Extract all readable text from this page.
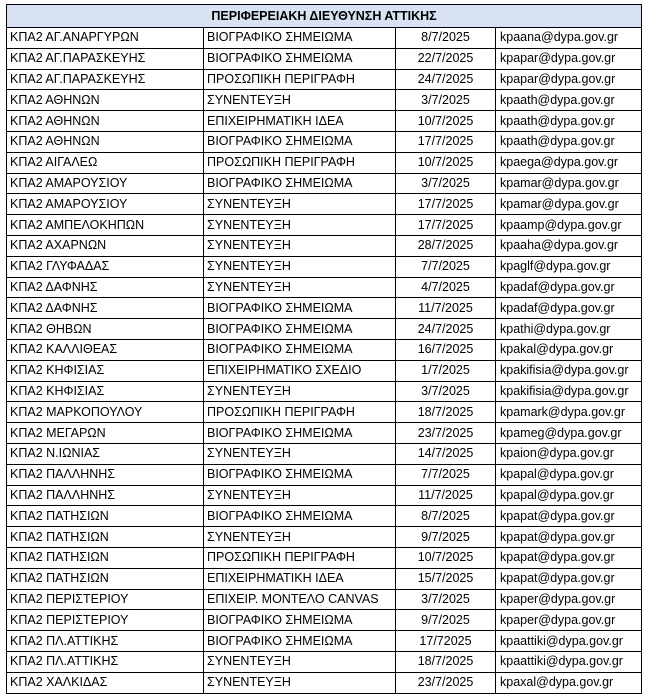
ΠΕΡΙΦΕΡΕΙΑΚΗ ΔΙΕΥΘΥΝΣΗ ΑΤΤΙΚΗΣ			
ΚΠΑ2 ΑΓ.ΑΝΑΡΓΥΡΩΝ	ΒΙΟΓΡΑΦΙΚΟ ΣΗΜΕΙΩΜΑ	8/7/2025	kpaana@dypa.gov.gr
ΚΠΑ2 ΑΓ.ΠΑΡΑΣΚΕΥΗΣ	ΒΙΟΓΡΑΦΙΚΟ ΣΗΜΕΙΩΜΑ	22/7/2025	kpapar@dypa.gov.gr
ΚΠΑ2 ΑΓ.ΠΑΡΑΣΚΕΥΗΣ	ΠΡΟΣΩΠΙΚΗ ΠΕΡΙΓΡΑΦΗ	24/7/2025	kpapar@dypa.gov.gr
ΚΠΑ2 ΑΘΗΝΩΝ	ΣΥΝΕΝΤΕΥΞΗ	3/7/2025	kpaath@dypa.gov.gr
ΚΠΑ2 ΑΘΗΝΩΝ	ΕΠΙΧΕΙΡΗΜΑΤΙΚΗ ΙΔΕΑ	10/7/2025	kpaath@dypa.gov.gr
ΚΠΑ2 ΑΘΗΝΩΝ	ΒΙΟΓΡΑΦΙΚΟ ΣΗΜΕΙΩΜΑ	17/7/2025	kpaath@dypa.gov.gr
ΚΠΑ2 ΑΙΓΑΛΕΩ	ΠΡΟΣΩΠΙΚΗ ΠΕΡΙΓΡΑΦΗ	10/7/2025	kpaega@dypa.gov.gr
ΚΠΑ2 ΑΜΑΡΟΥΣΙΟΥ	ΒΙΟΓΡΑΦΙΚΟ ΣΗΜΕΙΩΜΑ	3/7/2025	kpamar@dypa.gov.gr
ΚΠΑ2 ΑΜΑΡΟΥΣΙΟΥ	ΣΥΝΕΝΤΕΥΞΗ	17/7/2025	kpamar@dypa.gov.gr
ΚΠΑ2 ΑΜΠΕΛΟΚΗΠΩΝ	ΣΥΝΕΝΤΕΥΞΗ	17/7/2025	kpaamp@dypa.gov.gr
ΚΠΑ2 ΑΧΑΡΝΩΝ	ΣΥΝΕΝΤΕΥΞΗ	28/7/2025	kpaaha@dypa.gov.gr
ΚΠΑ2 ΓΛΥΦΑΔΑΣ	ΣΥΝΕΝΤΕΥΞΗ	7/7/2025	kpaglf@dypa.gov.gr
ΚΠΑ2 ΔΑΦΝΗΣ	ΣΥΝΕΝΤΕΥΞΗ	4/7/2025	kpadaf@dypa.gov.gr
ΚΠΑ2 ΔΑΦΝΗΣ	ΒΙΟΓΡΑΦΙΚΟ ΣΗΜΕΙΩΜΑ	11/7/2025	kpadaf@dypa.gov.gr
ΚΠΑ2 ΘΗΒΩΝ	ΒΙΟΓΡΑΦΙΚΟ ΣΗΜΕΙΩΜΑ	24/7/2025	kpathi@dypa.gov.gr
ΚΠΑ2 ΚΑΛΛΙΘΕΑΣ	ΒΙΟΓΡΑΦΙΚΟ ΣΗΜΕΙΩΜΑ	16/7/2025	kpakal@dypa.gov.gr
ΚΠΑ2 ΚΗΦΙΣΙΑΣ	ΕΠΙΧΕΙΡΗΜΑΤΙΚΟ ΣΧΕΔΙΟ	1/7/2025	kpakifisia@dypa.gov.gr
ΚΠΑ2 ΚΗΦΙΣΙΑΣ	ΣΥΝΕΝΤΕΥΞΗ	3/7/2025	kpakifisia@dypa.gov.gr
ΚΠΑ2 ΜΑΡΚΟΠΟΥΛΟΥ	ΠΡΟΣΩΠΙΚΗ ΠΕΡΙΓΡΑΦΗ	18/7/2025	kpamark@dypa.gov.gr
ΚΠΑ2 ΜΕΓΑΡΩΝ	ΒΙΟΓΡΑΦΙΚΟ ΣΗΜΕΙΩΜΑ	23/7/2025	kpameg@dypa.gov.gr
ΚΠΑ2 Ν.ΙΩΝΙΑΣ	ΣΥΝΕΝΤΕΥΞΗ	14/7/2025	kpaion@dypa.gov.gr
ΚΠΑ2 ΠΑΛΛΗΝΗΣ	ΒΙΟΓΡΑΦΙΚΟ ΣΗΜΕΙΩΜΑ	7/7/2025	kpapal@dypa.gov.gr
ΚΠΑ2 ΠΑΛΛΗΝΗΣ	ΣΥΝΕΝΤΕΥΞΗ	11/7/2025	kpapal@dypa.gov.gr
ΚΠΑ2 ΠΑΤΗΣΙΩΝ	ΒΙΟΓΡΑΦΙΚΟ ΣΗΜΕΙΩΜΑ	8/7/2025	kpapat@dypa.gov.gr
ΚΠΑ2 ΠΑΤΗΣΙΩΝ	ΣΥΝΕΝΤΕΥΞΗ	9/7/2025	kpapat@dypa.gov.gr
ΚΠΑ2 ΠΑΤΗΣΙΩΝ	ΠΡΟΣΩΠΙΚΗ ΠΕΡΙΓΡΑΦΗ	10/7/2025	kpapat@dypa.gov.gr
ΚΠΑ2 ΠΑΤΗΣΙΩΝ	ΕΠΙΧΕΙΡΗΜΑΤΙΚΗ ΙΔΕΑ	15/7/2025	kpapat@dypa.gov.gr
ΚΠΑ2 ΠΕΡΙΣΤΕΡΙΟΥ	ΕΠΙΧΕΙΡ. ΜΟΝΤΕΛΟ CANVAS	3/7/2025	kpaper@dypa.gov.gr
ΚΠΑ2 ΠΕΡΙΣΤΕΡΙΟΥ	ΒΙΟΓΡΑΦΙΚΟ ΣΗΜΕΙΩΜΑ	9/7/2025	kpaper@dypa.gov.gr
ΚΠΑ2 ΠΛ.ΑΤΤΙΚΗΣ	ΒΙΟΓΡΑΦΙΚΟ ΣΗΜΕΙΩΜΑ	17/72025	kpaattiki@dypa.gov.gr
ΚΠΑ2 ΠΛ.ΑΤΤΙΚΗΣ	ΣΥΝΕΝΤΕΥΞΗ	18/7/2025	kpaattiki@dypa.gov.gr
ΚΠΑ2 ΧΑΛΚΙΔΑΣ	ΣΥΝΕΝΤΕΥΞΗ	23/7/2025	kpaxal@dypa.gov.gr
